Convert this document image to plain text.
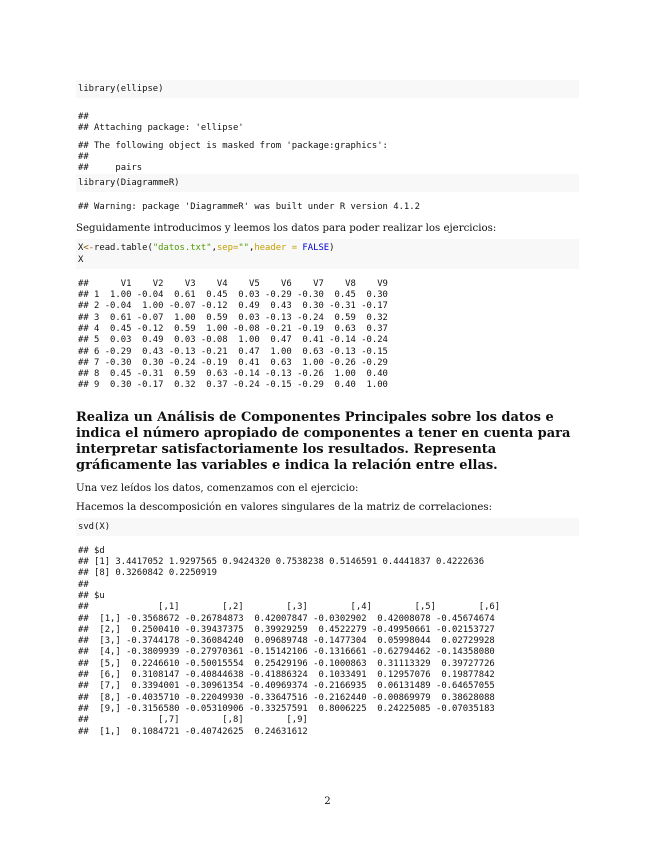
library(ellipse)
##
## Attaching package: 'ellipse'
## The following object is masked from 'package:graphics':
##
##     pairs
library(DiagrammeR)
## Warning: package 'DiagrammeR' was built under R version 4.1.2

Seguidamente introducimos y leemos los datos para poder realizar los ejercicios:

X<-read.table("datos.txt",sep="",header = FALSE)
X
##      V1    V2    V3    V4    V5    V6    V7    V8    V9
## 1  1.00 -0.04  0.61  0.45  0.03 -0.29 -0.30  0.45  0.30
## 2 -0.04  1.00 -0.07 -0.12  0.49  0.43  0.30 -0.31 -0.17
## 3  0.61 -0.07  1.00  0.59  0.03 -0.13 -0.24  0.59  0.32
## 4  0.45 -0.12  0.59  1.00 -0.08 -0.21 -0.19  0.63  0.37
## 5  0.03  0.49  0.03 -0.08  1.00  0.47  0.41 -0.14 -0.24
## 6 -0.29  0.43 -0.13 -0.21  0.47  1.00  0.63 -0.13 -0.15
## 7 -0.30  0.30 -0.24 -0.19  0.41  0.63  1.00 -0.26 -0.29
## 8  0.45 -0.31  0.59  0.63 -0.14 -0.13 -0.26  1.00  0.40
## 9  0.30 -0.17  0.32  0.37 -0.24 -0.15 -0.29  0.40  1.00
Realiza un Análisis de Componentes Principales sobre los datos e indica el número apropiado de componentes a tener en cuenta para interpretar satisfactoriamente los resultados. Representa gráficamente las variables e indica la relación entre ellas.

Una vez leídos los datos, comenzamos con el ejercicio:

Hacemos la descomposición en valores singulares de la matriz de correlaciones:

svd(X)
## $d
## [1] 3.4417052 1.9297565 0.9424320 0.7538238 0.5146591 0.4441837 0.4222636
## [8] 0.3260842 0.2250919
##
## $u
##             [,1]        [,2]        [,3]        [,4]        [,5]        [,6]
##  [1,] -0.3568672 -0.26784873  0.42007847 -0.0302902  0.42008078 -0.45674674
##  [2,]  0.2500410 -0.39437375  0.39929259  0.4522279 -0.49950661 -0.02153727
##  [3,] -0.3744178 -0.36084240  0.09689748 -0.1477304  0.05998044  0.02729928
##  [4,] -0.3809939 -0.27970361 -0.15142106 -0.1316661 -0.62794462 -0.14358080
##  [5,]  0.2246610 -0.50015554  0.25429196 -0.1000863  0.31113329  0.39727726
##  [6,]  0.3108147 -0.40844638 -0.41886324  0.1033491  0.12957076  0.19877842
##  [7,]  0.3394001 -0.30961354 -0.40969374 -0.2166935  0.06131489 -0.64657055
##  [8,] -0.4035710 -0.22049930 -0.33647516 -0.2162440 -0.00869979  0.38628088
##  [9,] -0.3156580 -0.05310906 -0.33257591  0.8006225  0.24225085 -0.07035183
##             [,7]        [,8]        [,9]
##  [1,]  0.1084721 -0.40742625  0.24631612
2
